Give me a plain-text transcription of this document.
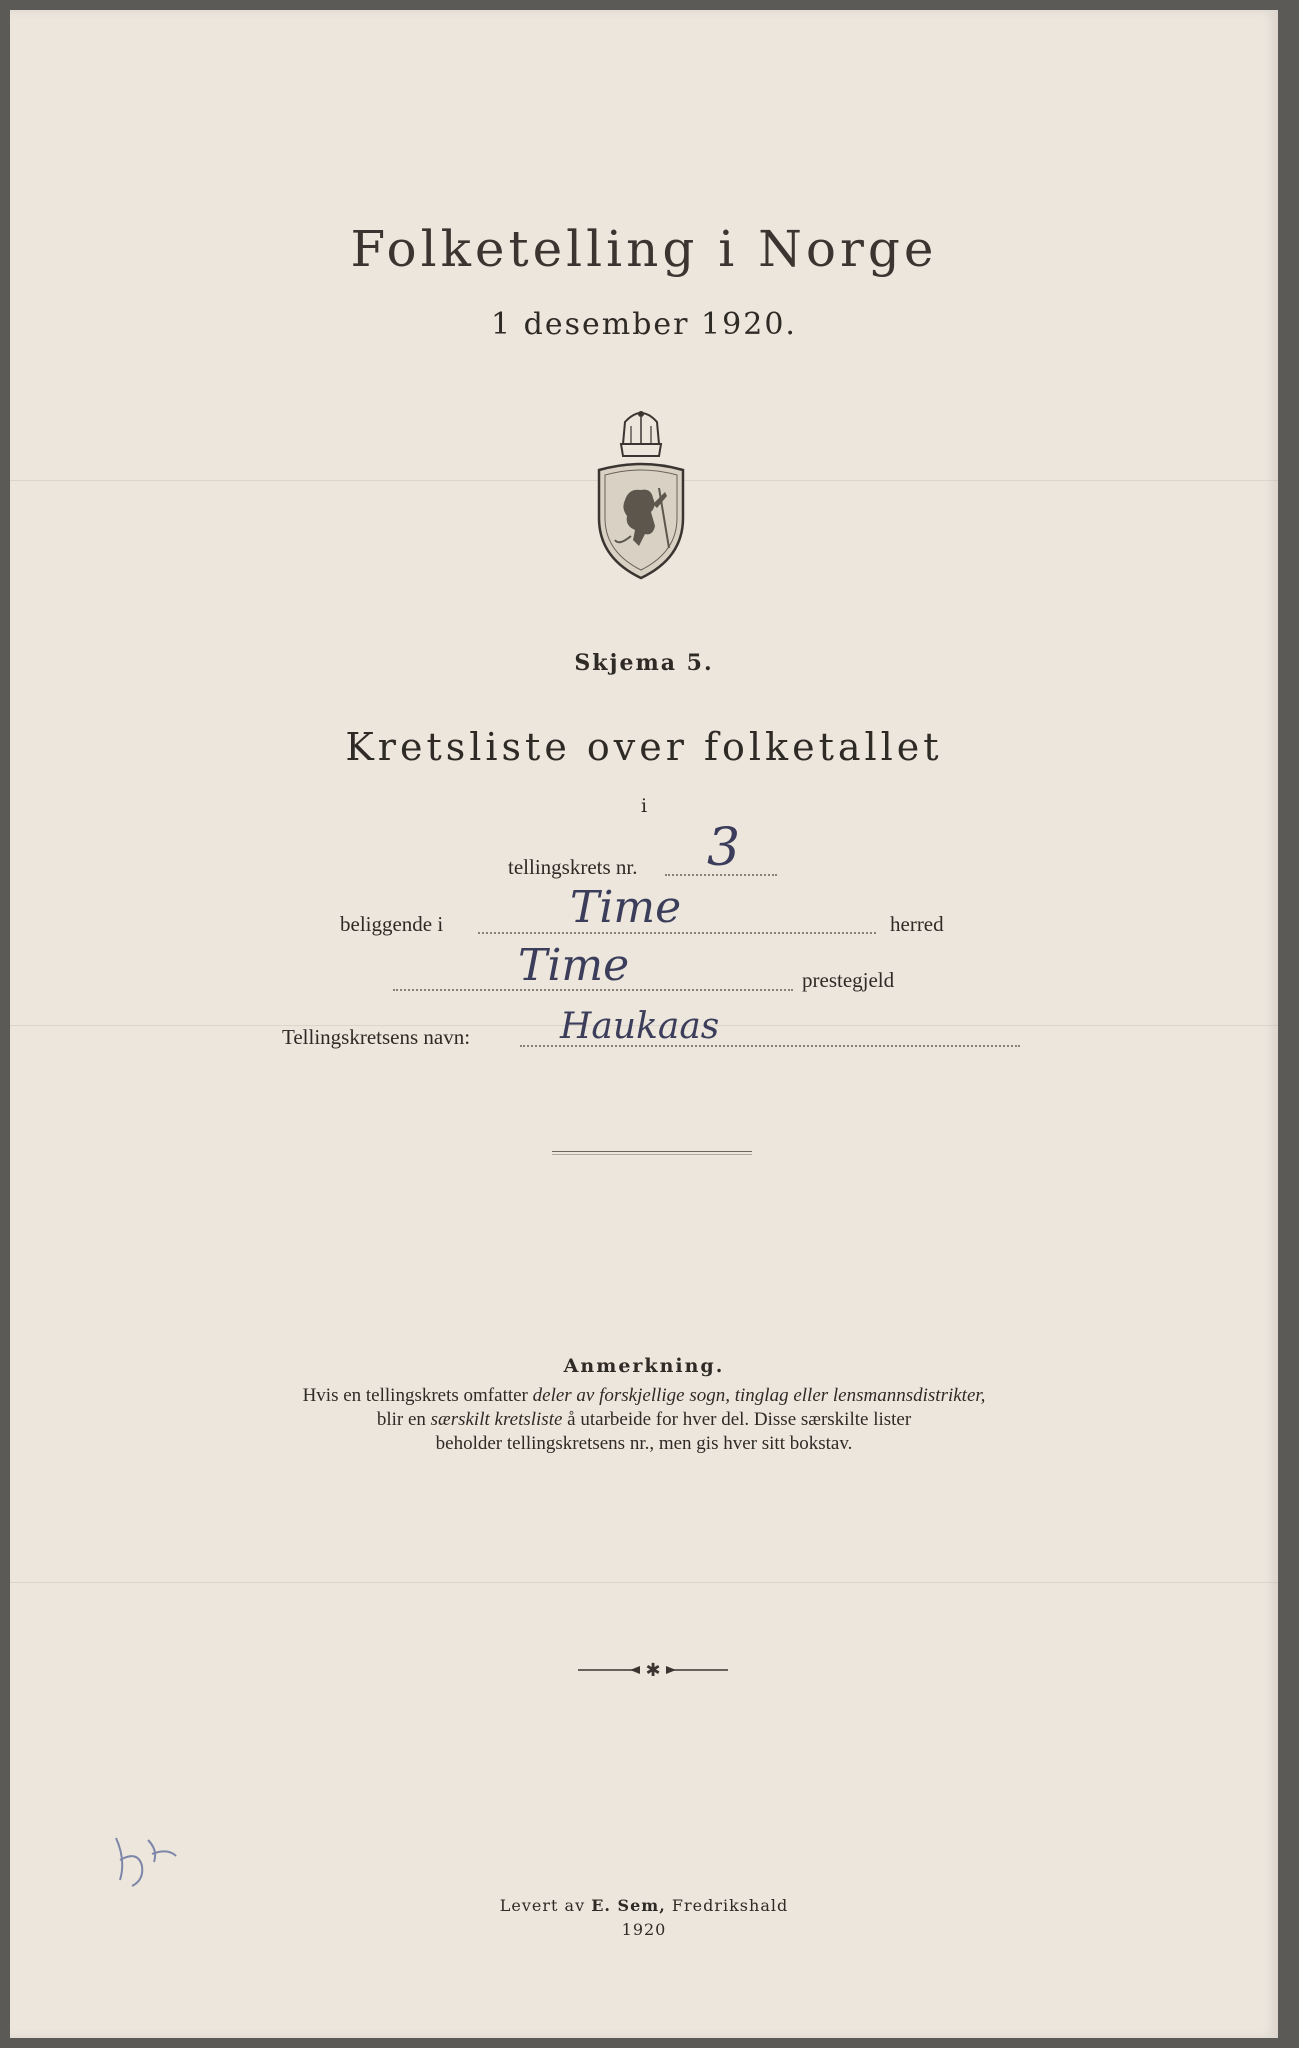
Folketelling i Norge
1 desember 1920.
Skjema 5.
Kretsliste over folketallet
i
tellingskrets nr. 3
beliggende i	Time	herred
Time	prestegjeld
Tellingskretsens navn: Haukaas
Anmerkning.
Hvis en tellingskrets omfatter deler av forskjellige sogn, tinglag eller lensmannsdistrikter,
blir en særskilt kretsliste å utarbeide for hver del. Disse særskilte lister
beholder tellingskretsens nr., men gis hver sitt bokstav.
✱
Levert av E. Sem, Fredrikshald
1920
